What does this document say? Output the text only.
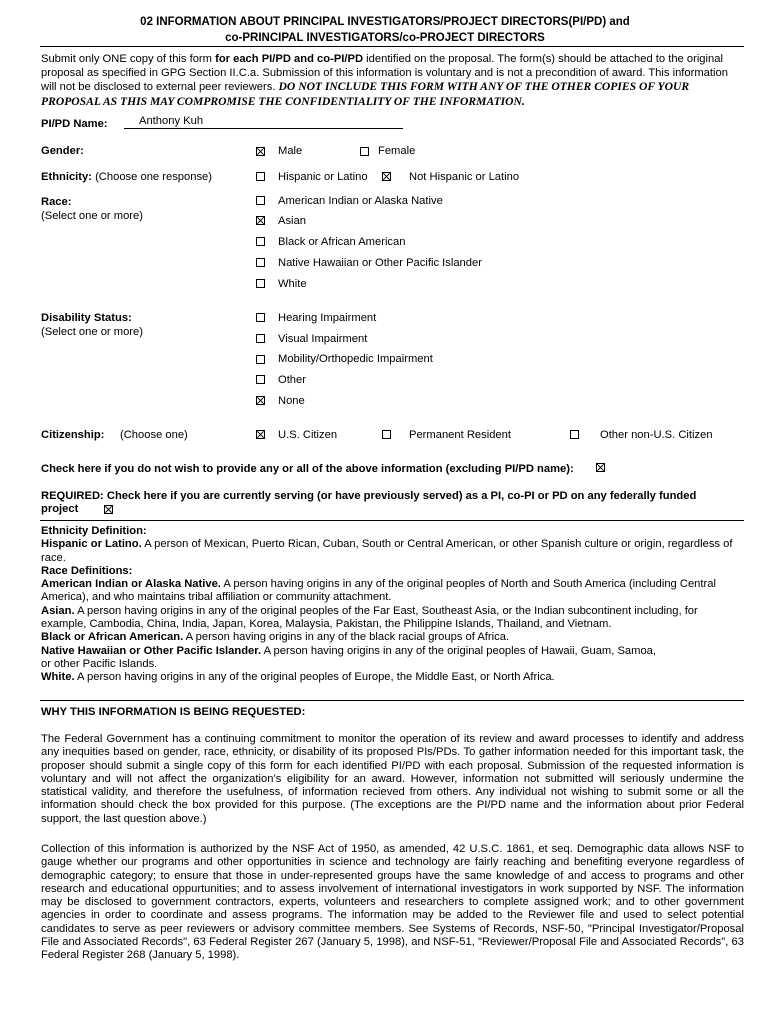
02 INFORMATION ABOUT PRINCIPAL INVESTIGATORS/PROJECT DIRECTORS(PI/PD) and
co-PRINCIPAL INVESTIGATORS/co-PROJECT DIRECTORS
Submit only ONE copy of this form for each PI/PD and co-PI/PD identified on the proposal. The form(s) should be attached to the original proposal as specified in GPG Section II.C.a. Submission of this information is voluntary and is not a precondition of award. This information will not be disclosed to external peer reviewers. DO NOT INCLUDE THIS FORM WITH ANY OF THE OTHER COPIES OF YOUR PROPOSAL AS THIS MAY COMPROMISE THE CONFIDENTIALITY OF THE INFORMATION.
PI/PD Name:	Anthony Kuh
Gender:	Male	Female
Ethnicity: (Choose one response)	Hispanic or Latino	Not Hispanic or Latino
Race:
(Select one or more)
American Indian or Alaska Native
Asian
Black or African American
Native Hawaiian or Other Pacific Islander
White
Disability Status:
(Select one or more)
Hearing Impairment
Visual Impairment
Mobility/Orthopedic Impairment
Other
None
Citizenship: (Choose one)	U.S. Citizen	Permanent Resident	Other non-U.S. Citizen
Check here if you do not wish to provide any or all of the above information (excluding PI/PD name):
REQUIRED: Check here if you are currently serving (or have previously served) as a PI, co-PI or PD on any federally funded
project
Ethnicity Definition:
Hispanic or Latino. A person of Mexican, Puerto Rican, Cuban, South or Central American, or other Spanish culture or origin, regardless of race.
Race Definitions:
American Indian or Alaska Native. A person having origins in any of the original peoples of North and South America (including Central America), and who maintains tribal affiliation or community attachment.
Asian. A person having origins in any of the original peoples of the Far East, Southeast Asia, or the Indian subcontinent including, for example, Cambodia, China, India, Japan, Korea, Malaysia, Pakistan, the Philippine Islands, Thailand, and Vietnam.
Black or African American. A person having origins in any of the black racial groups of Africa.
Native Hawaiian or Other Pacific Islander. A person having origins in any of the original peoples of Hawaii, Guam, Samoa,
or other Pacific Islands.
White. A person having origins in any of the original peoples of Europe, the Middle East, or North Africa.
WHY THIS INFORMATION IS BEING REQUESTED:
The Federal Government has a continuing commitment to monitor the operation of its review and award processes to identify and address any inequities based on gender, race, ethnicity, or disability of its proposed PIs/PDs. To gather information needed for this important task, the proposer should submit a single copy of this form for each identified PI/PD with each proposal. Submission of the requested information is voluntary and will not affect the organization’s eligibility for an award. However, information not submitted will seriously undermine the statistical validity, and therefore the usefulness, of information recieved from others. Any individual not wishing to submit some or all the information should check the box provided for this purpose. (The exceptions are the PI/PD name and the information about prior Federal support, the last question above.)
Collection of this information is authorized by the NSF Act of 1950, as amended, 42 U.S.C. 1861, et seq. Demographic data allows NSF to gauge whether our programs and other opportunities in science and technology are fairly reaching and benefiting everyone regardless of demographic category; to ensure that those in under-represented groups have the same knowledge of and access to programs and other research and educational oppurtunities; and to assess involvement of international investigators in work supported by NSF. The information may be disclosed to government contractors, experts, volunteers and researchers to complete assigned work; and to other government agencies in order to coordinate and assess programs. The information may be added to the Reviewer file and used to select potential candidates to serve as peer reviewers or advisory committee members. See Systems of Records, NSF-50, "Principal Investigator/Proposal File and Associated Records", 63 Federal Register 267 (January 5, 1998), and NSF-51, "Reviewer/Proposal File and Associated Records", 63 Federal Register 268 (January 5, 1998).
